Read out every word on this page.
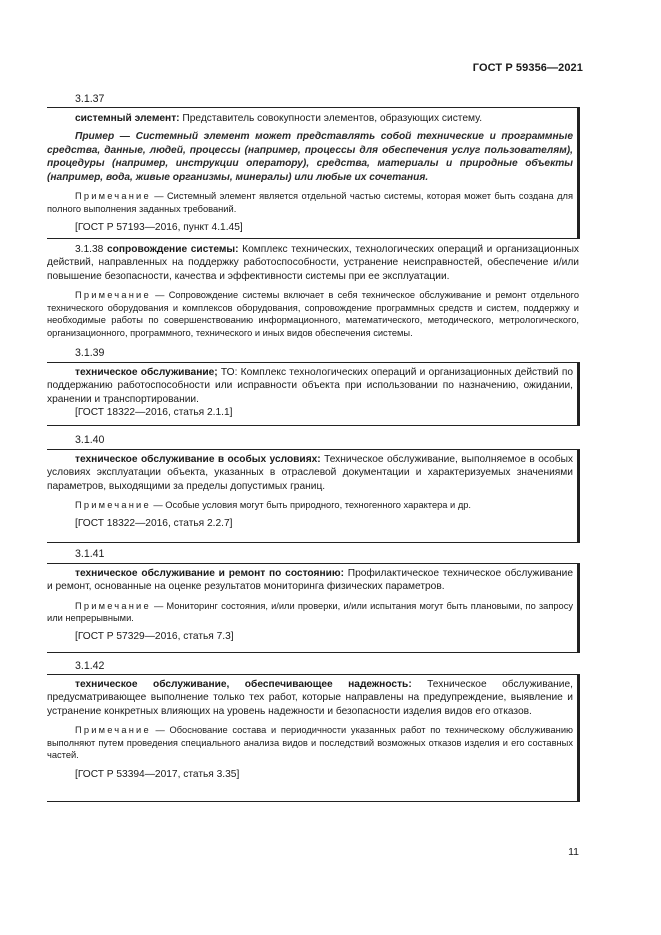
ГОСТ Р 59356—2021
3.1.37

системный элемент: Представитель совокупности элементов, образующих систему.

Пример — Системный элемент может представлять собой технические и программные средства, данные, людей, процессы (например, процессы для обеспечения услуг пользователям), процедуры (например, инструкции оператору), средства, материалы и природные объекты (например, вода, живые организмы, минералы) или любые их сочетания.

Примечание — Системный элемент является отдельной частью системы, которая может быть создана для полного выполнения заданных требований.

[ГОСТ Р 57193—2016, пункт 4.1.45]

3.1.38 сопровождение системы: Комплекс технических, технологических операций и организационных действий, направленных на поддержку работоспособности, устранение неисправностей, обеспечение и/или повышение безопасности, качества и эффективности системы при ее эксплуатации.

Примечание — Сопровождение системы включает в себя техническое обслуживание и ремонт отдельного технического оборудования и комплексов оборудования, сопровождение программных средств и систем, поддержку и необходимые работы по совершенствованию информационного, математического, методического, метрологического, организационного, программного, технического и иных видов обеспечения системы.

3.1.39

техническое обслуживание; ТО: Комплекс технологических операций и организационных действий по поддержанию работоспособности или исправности объекта при использовании по назначению, ожидании, хранении и транспортировании.

[ГОСТ 18322—2016, статья 2.1.1]

3.1.40

техническое обслуживание в особых условиях: Техническое обслуживание, выполняемое в особых условиях эксплуатации объекта, указанных в отраслевой документации и характеризуемых значениями параметров, выходящими за пределы допустимых границ.

Примечание — Особые условия могут быть природного, техногенного характера и др.

[ГОСТ 18322—2016, статья 2.2.7]

3.1.41

техническое обслуживание и ремонт по состоянию: Профилактическое техническое обслуживание и ремонт, основанные на оценке результатов мониторинга физических параметров.

Примечание — Мониторинг состояния, и/или проверки, и/или испытания могут быть плановыми, по запросу или непрерывными.

[ГОСТ Р 57329—2016, статья 7.3]

3.1.42

техническое обслуживание, обеспечивающее надежность: Техническое обслуживание, предусматривающее выполнение только тех работ, которые направлены на предупреждение, выявление и устранение конкретных влияющих на уровень надежности и безопасности изделия видов его отказов.

Примечание — Обоснование состава и периодичности указанных работ по техническому обслуживанию выполняют путем проведения специального анализа видов и последствий возможных отказов изделия и его составных частей.

[ГОСТ Р 53394—2017, статья 3.35]

11
